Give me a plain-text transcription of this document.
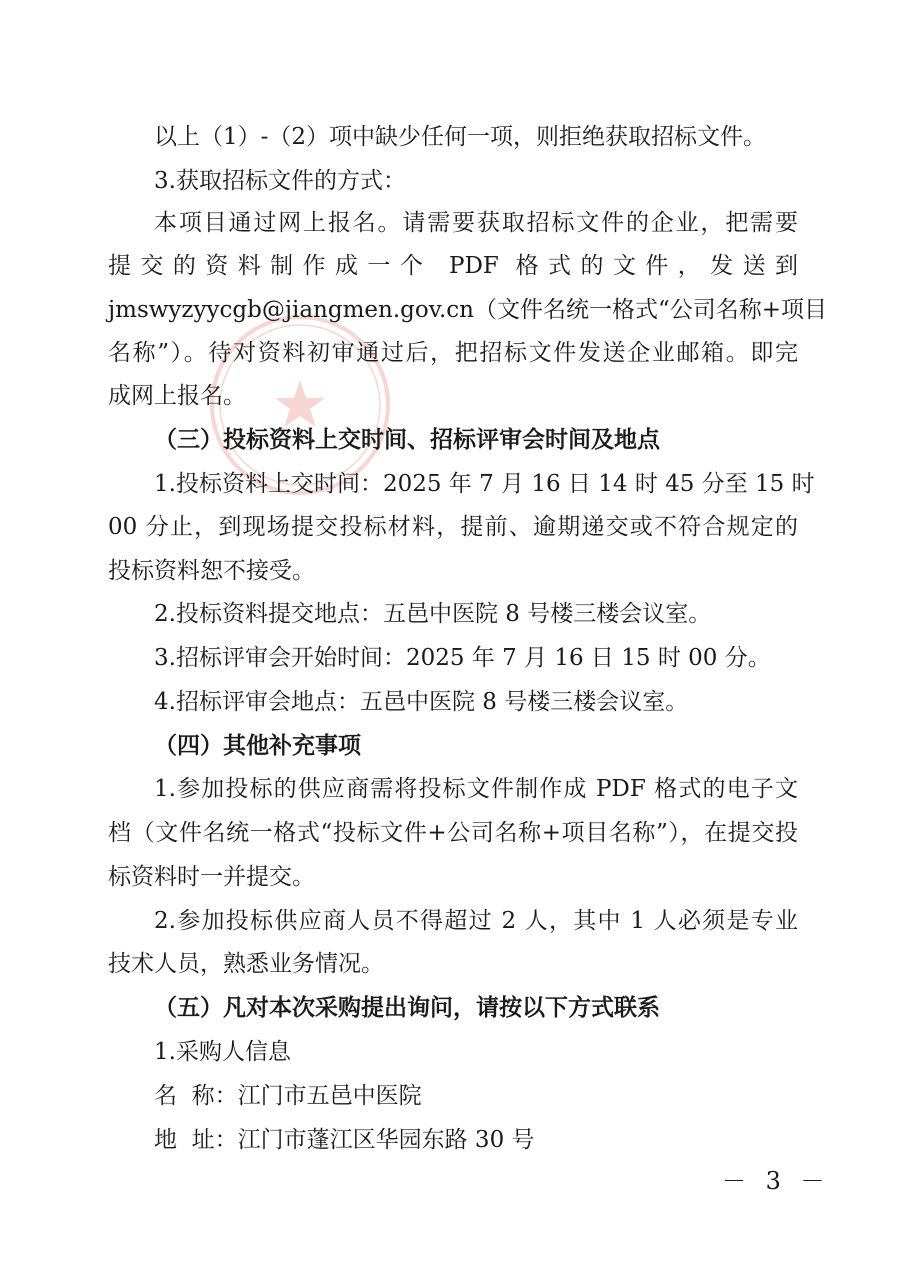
以上（1）-（2）项中缺少任何一项，则拒绝获取招标文件。
3.获取招标文件的方式：
本项目通过网上报名。请需要获取招标文件的企业，把需要
提交的资料制作成一个 PDF 格式的文件，发送到
jmswyzyycgb@jiangmen.gov.cn（文件名统一格式“公司名称+项目
名称”）。待对资料初审通过后，把招标文件发送企业邮箱。即完
成网上报名。
（三）投标资料上交时间、招标评审会时间及地点
1.投标资料上交时间：2025 年 7 月 16 日 14 时 45 分至 15 时
00 分止，到现场提交投标材料，提前、逾期递交或不符合规定的
投标资料恕不接受。
2.投标资料提交地点：五邑中医院 8 号楼三楼会议室。
3.招标评审会开始时间：2025 年 7 月 16 日 15 时 00 分。
4.招标评审会地点：五邑中医院 8 号楼三楼会议室。
（四）其他补充事项
1.参加投标的供应商需将投标文件制作成 PDF 格式的电子文
档（文件名统一格式“投标文件+公司名称+项目名称”），在提交投
标资料时一并提交。
2.参加投标供应商人员不得超过 2 人，其中 1 人必须是专业
技术人员，熟悉业务情况。
（五）凡对本次采购提出询问，请按以下方式联系
1.采购人信息
名  称：江门市五邑中医院
地  址：江门市蓬江区华园东路 30 号
－ 3 －
